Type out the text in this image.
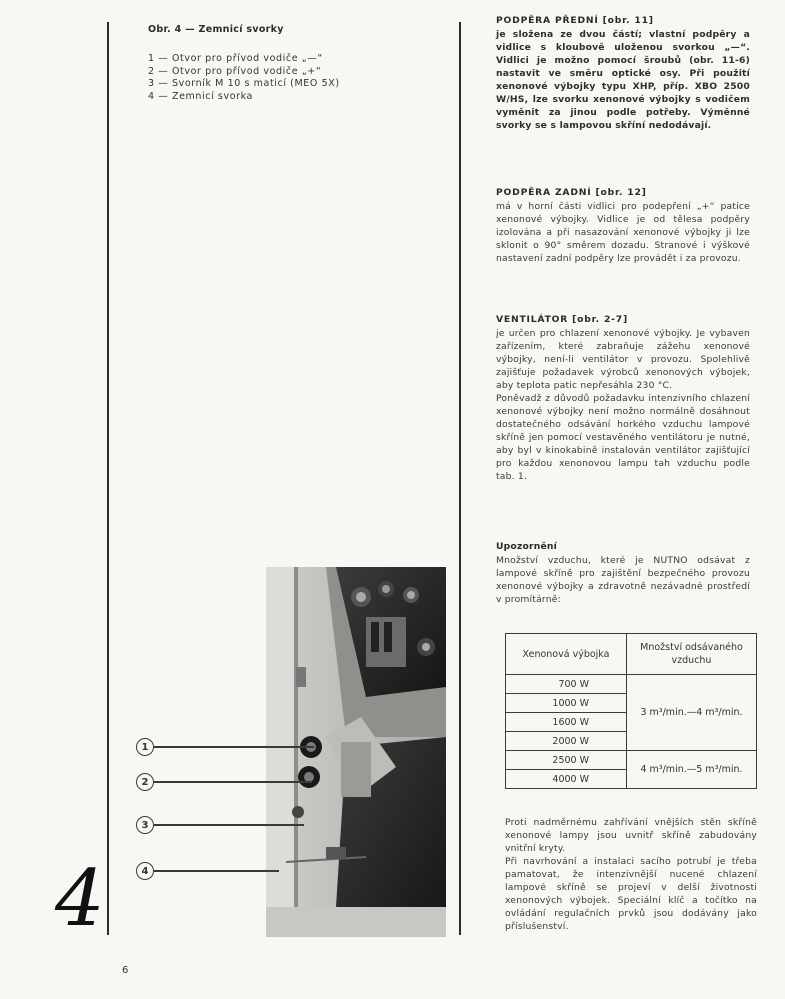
Obr. 4 — Zemnicí svorky

1 — Otvor pro přívod vodiče „—“
2 — Otvor pro přívod vodiče „+“
3 — Svorník M 10 s maticí (MEO 5X)
4 — Zemnicí svorka
1
2
3
4
4
6
PODPĚRA PŘEDNÍ [obr. 11]

je složena ze dvou částí; vlastní podpěry a vidlice s kloubově uloženou svorkou „—“. Vidlici je možno pomocí šroubů (obr. 11-6) nastavit ve směru optické osy. Při použití xenonové výbojky typu XHP, příp. XBO 2500 W/HS, lze svorku xenonové výbojky s vodičem vyměnit za jinou podle potřeby. Výměnné svorky se s lampovou skříní nedodávají.

PODPĚRA ZADNÍ [obr. 12]

má v horní části vidlici pro podepření „+“ patice xenonové výbojky. Vidlice je od tělesa podpěry izolována a při nasazování xenonové výbojky ji lze sklonit o 90° směrem dozadu. Stranové i výškové nastavení zadní podpěry lze provádět i za provozu.

VENTILÁTOR [obr. 2-7]

je určen pro chlazení xenonové výbojky. Je vybaven zařízením, které zabraňuje zážehu xenonové výbojky, není-li ventilátor v provozu. Spolehlivě zajišťuje požadavek výrobců xenonových výbojek, aby teplota patic nepřesáhla 230 °C.

Poněvadž z důvodů požadavku intenzivního chlazení xenonové výbojky není možno normálně dosáhnout dostatečného odsávání horkého vzduchu lampové skříně jen pomocí vestavěného ventilátoru je nutné, aby byl v kinokabině instalován ventilátor zajišťující pro každou xenonovou lampu tah vzduchu podle tab. 1.

Upozornění

Množství vzduchu, které je NUTNO odsávat z lampové skříně pro zajištění bezpečného provozu xenonové výbojky a zdravotně nezávadné prostředí v promítárně:

Xenonová výbojka	Množství odsávaného vzduchu
700 W	3 m³/min.—4 m³/min.
1000 W	
1600 W	
2000 W	
2500 W	4 m³/min.—5 m³/min.
4000 W	

Proti nadměrnému zahřívání vnějších stěn skříně xenonové lampy jsou uvnitř skříně zabudovány vnitřní kryty.

Při navrhování a instalaci sacího potrubí je třeba pamatovat, že intenzivnější nucené chlazení lampové skříně se projeví v delší životnosti xenonových výbojek. Speciální klíč a točítko na ovládání regulačních prvků jsou dodávány jako příslušenství.
